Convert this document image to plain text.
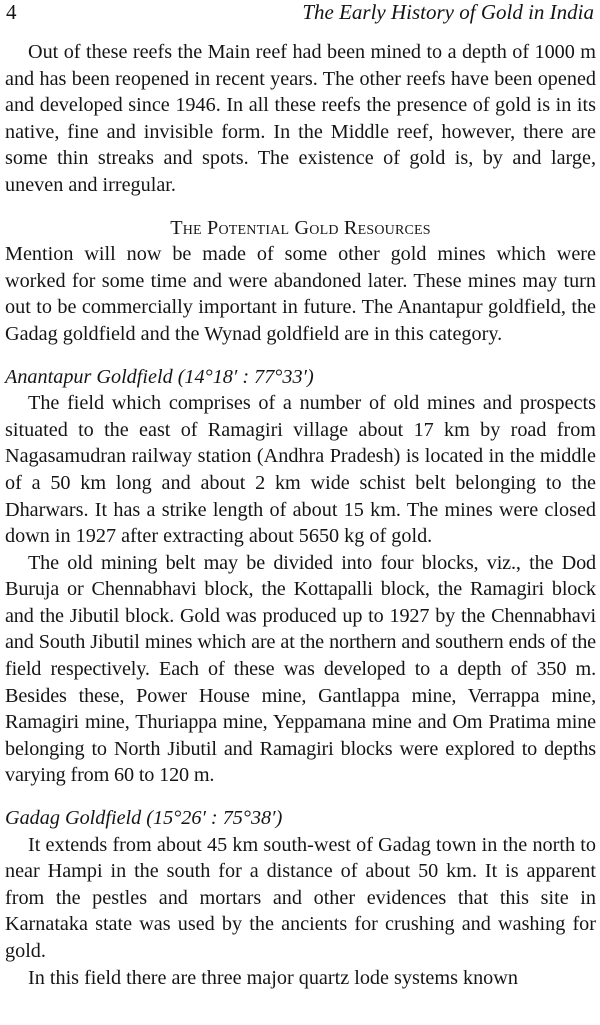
4	The Early History of Gold in India

Out of these reefs the Main reef had been mined to a depth of 1000 m and has been reopened in recent years. The other reefs have been opened and developed since 1946. In all these reefs the presence of gold is in its native, fine and invisible form. In the Middle reef, however, there are some thin streaks and spots. The existence of gold is, by and large, uneven and irregular.

The Potential Gold Resources

Mention will now be made of some other gold mines which were worked for some time and were abandoned later. These mines may turn out to be commercially important in future. The Anantapur goldfield, the Gadag goldfield and the Wynad goldfield are in this category.

Anantapur Goldfield (14°18′ : 77°33′)

The field which comprises of a number of old mines and prospects situated to the east of Ramagiri village about 17 km by road from Nagasamudran railway station (Andhra Pradesh) is located in the middle of a 50 km long and about 2 km wide schist belt belonging to the Dharwars. It has a strike length of about 15 km. The mines were closed down in 1927 after extracting about 5650 kg of gold.

The old mining belt may be divided into four blocks, viz., the Dod Buruja or Chennabhavi block, the Kottapalli block, the Ramagiri block and the Jibutil block. Gold was produced up to 1927 by the Chennabhavi and South Jibutil mines which are at the northern and southern ends of the field respectively. Each of these was developed to a depth of 350 m. Besides these, Power House mine, Gantlappa mine, Verrappa mine, Ramagiri mine, Thuriappa mine, Yeppamana mine and Om Pratima mine belonging to North Jibutil and Ramagiri blocks were explored to depths varying from 60 to 120 m.

Gadag Goldfield (15°26′ : 75°38′)

It extends from about 45 km south-west of Gadag town in the north to near Hampi in the south for a distance of about 50 km. It is apparent from the pestles and mortars and other evidences that this site in Karnataka state was used by the ancients for crushing and washing for gold.

In this field there are three major quartz lode systems known
